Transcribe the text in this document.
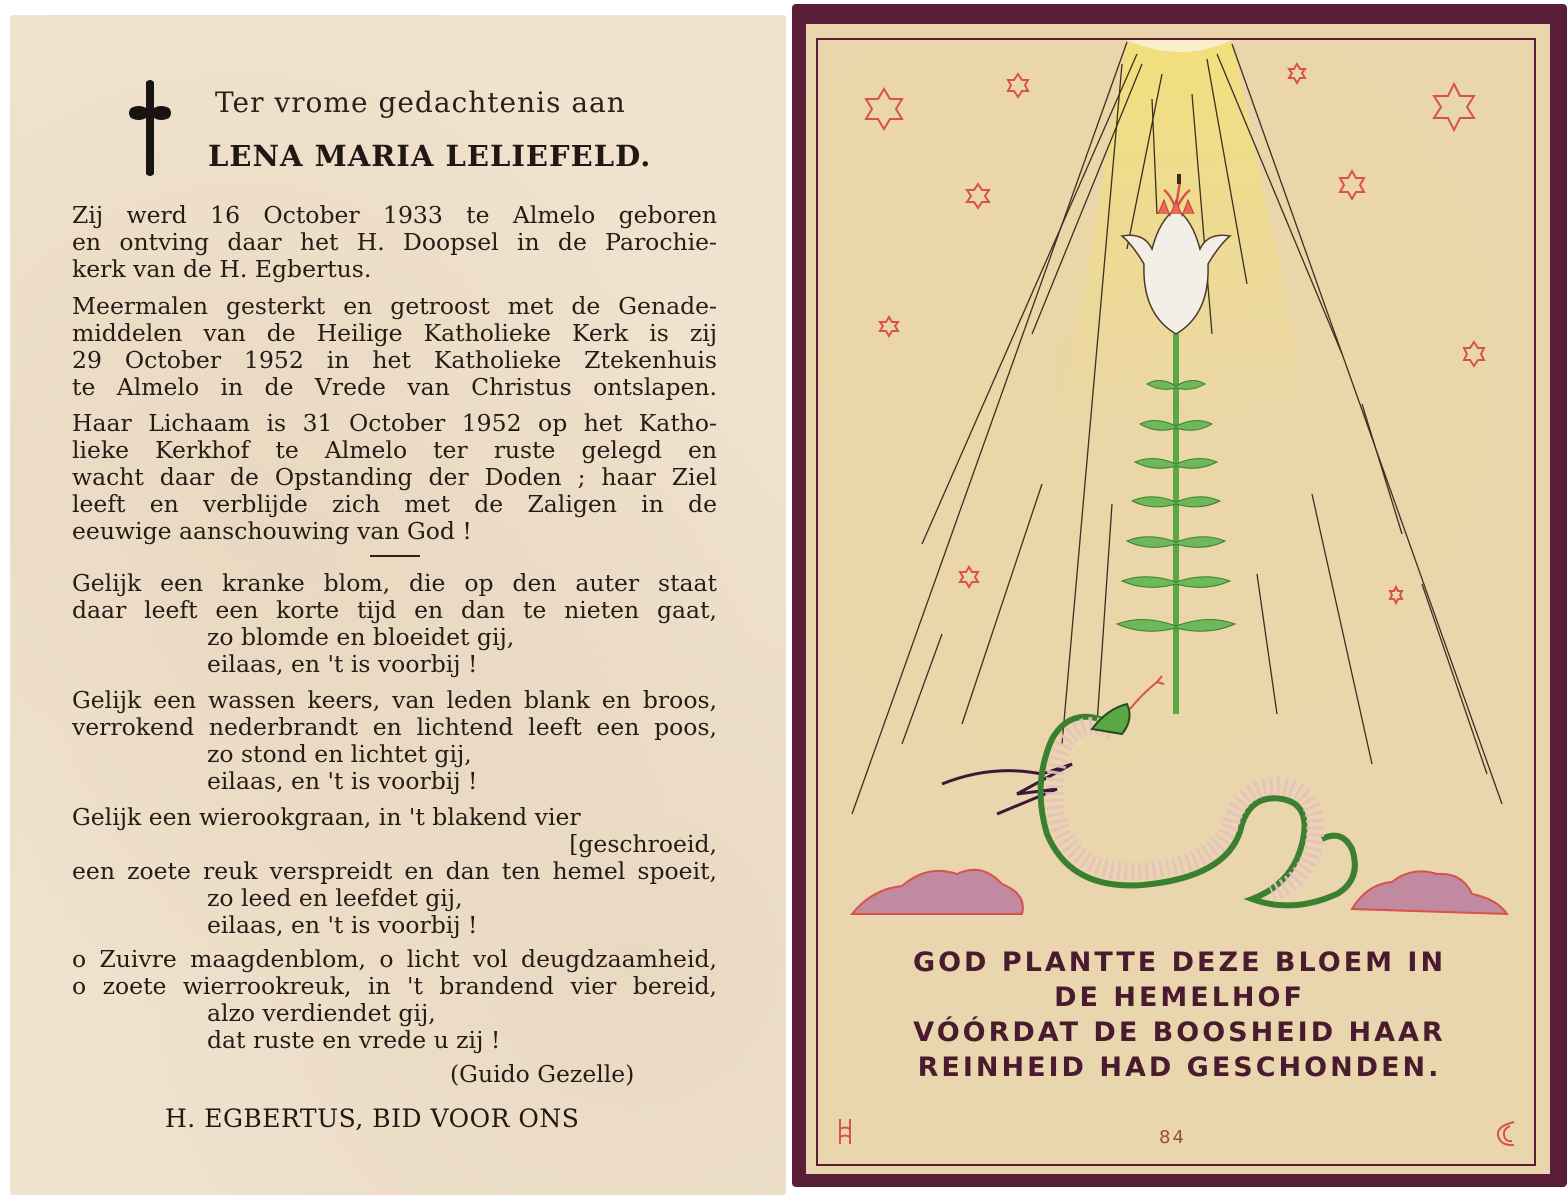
Ter vrome gedachtenis aan
LENA MARIA LELIEFELD.
Zij werd 16 October 1933 te Almelo geboren
en ontving daar het H. Doopsel in de Parochie-
kerk van de H. Egbertus.
Meermalen gesterkt en getroost met de Genade-
middelen van de Heilige Katholieke Kerk is zij
29 October 1952 in het Katholieke Ztekenhuis
te Almelo in de Vrede van Christus ontslapen.
Haar Lichaam is 31 October 1952 op het Katho-
lieke Kerkhof te Almelo ter ruste gelegd en
wacht daar de Opstanding der Doden ; haar Ziel
leeft en verblijde zich met de Zaligen in de
eeuwige aanschouwing van God !
Gelijk een kranke blom, die op den auter staat
daar leeft een korte tijd en dan te nieten gaat,
zo blomde en bloeidet gij,
eilaas, en 't is voorbij !
Gelijk een wassen keers, van leden blank en broos,
verrokend nederbrandt en lichtend leeft een poos,
zo stond en lichtet gij,
eilaas, en 't is voorbij !
Gelijk een wierookgraan, in 't blakend vier
[geschroeid,
een zoete reuk verspreidt en dan ten hemel spoeit,
zo leed en leefdet gij,
eilaas, en 't is voorbij !
o Zuivre maagdenblom, o licht vol deugdzaamheid,
o zoete wierrookreuk, in 't brandend vier bereid,
alzo verdiendet gij,
dat ruste en vrede u zij !
(Guido Gezelle)
H. EGBERTUS, BID VOOR ONS
GOD PLANTTE DEZE BLOEM IN
DE HEMELHOF
VÓÓRDAT DE BOOSHEID HAAR
REINHEID HAD GESCHONDEN.
84
